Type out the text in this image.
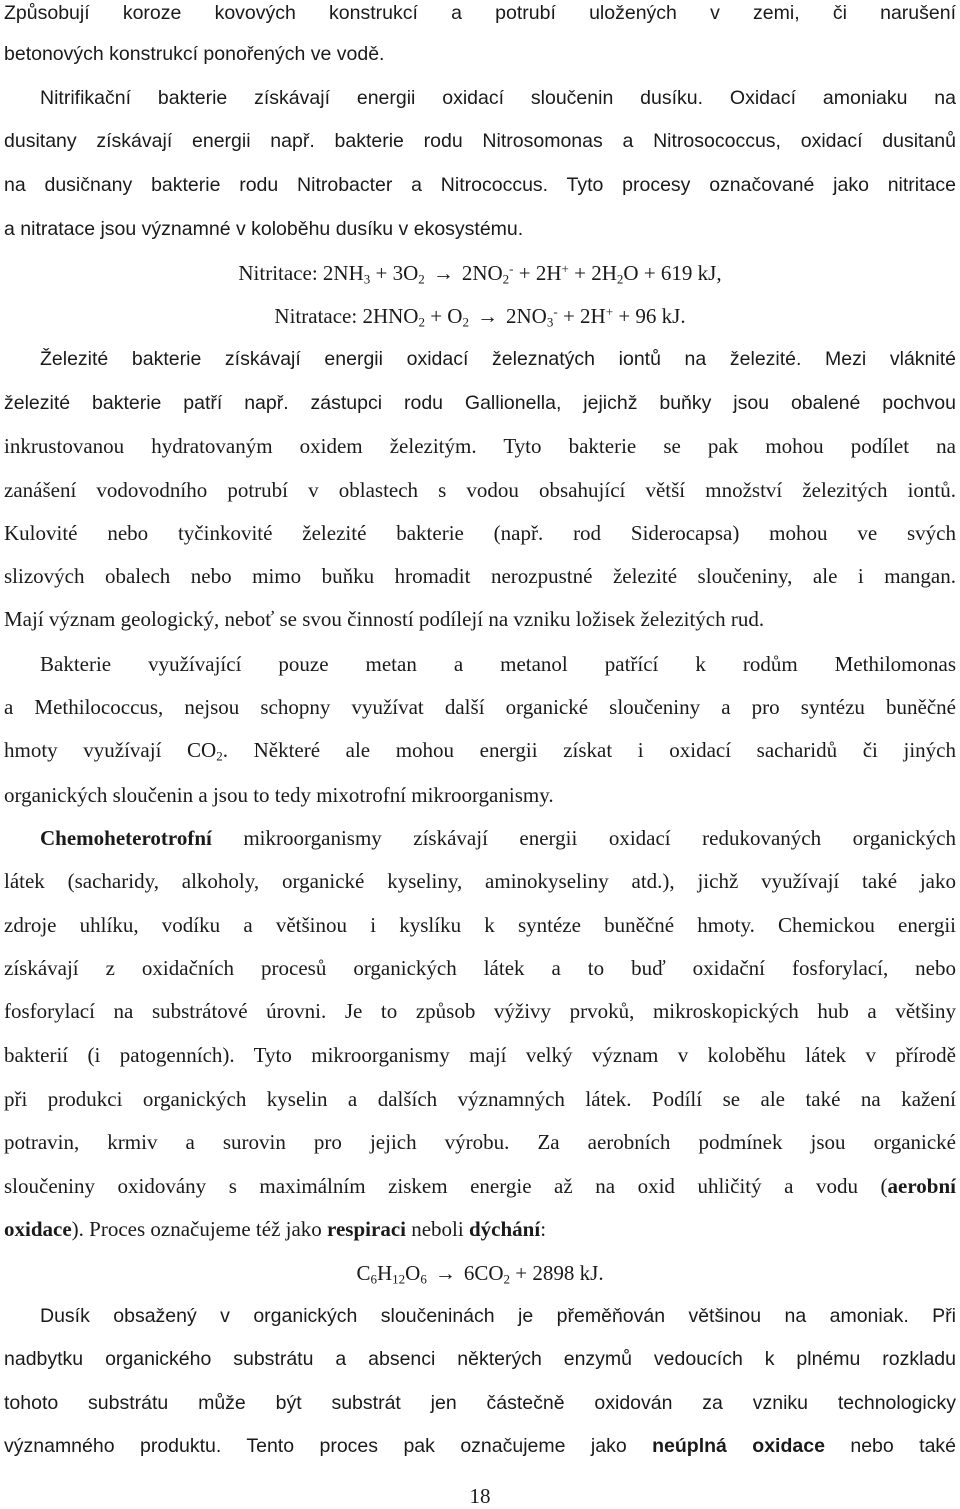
Způsobují koroze kovových konstrukcí a potrubí uložených v zemi, či narušení
betonových konstrukcí ponořených ve vodě.
Nitrifikační bakterie získávají energii oxidací sloučenin dusíku. Oxidací amoniaku na
dusitany získávají energii např. bakterie rodu Nitrosomonas a Nitrosococcus, oxidací dusitanů
na dusičnany bakterie rodu Nitrobacter a Nitrococcus. Tyto procesy označované jako nitritace
a nitratace jsou významné v koloběhu dusíku v ekosystému.
Nitritace: $2NH_3 + 3O_2 \to 2NO_2^- + 2H^+ + 2H_2O + 619$ kJ,
Nitratace: $2HNO_2 + O_2 \to 2NO_3^- + 2H^+ + 96$ kJ.
Železité bakterie získávají energii oxidací železnatých iontů na železité. Mezi vláknité
železité bakterie patří např. zástupci rodu Gallionella, jejichž buňky jsou obalené pochvou
inkrustovanou hydratovaným oxidem železitým. Tyto bakterie se pak mohou podílet na
zanášení vodovodního potrubí v oblastech s vodou obsahující větší množství železitých iontů.
Kulovité nebo tyčinkovité železité bakterie (např. rod Siderocapsa) mohou ve svých
slizových obalech nebo mimo buňku hromadit nerozpustné železité sloučeniny, ale i mangan.
Mají význam geologický, neboť se svou činností podílejí na vzniku ložisek železitých rud.
Bakterie využívající pouze metan a metanol patřící k rodům Methilomonas
a Methilococcus, nejsou schopny využívat další organické sloučeniny a pro syntézu buněčné
hmoty využívají $CO_2$. Některé ale mohou energii získat i oxidací sacharidů či jiných
organických sloučenin a jsou to tedy mixotrofní mikroorganismy.
Chemoheterotrofní mikroorganismy získávají energii oxidací redukovaných organických
látek (sacharidy, alkoholy, organické kyseliny, aminokyseliny atd.), jichž využívají také jako
zdroje uhlíku, vodíku a většinou i kyslíku k syntéze buněčné hmoty. Chemickou energii
získávají z oxidačních procesů organických látek a to buď oxidační fosforylací, nebo
fosforylací na substrátové úrovni. Je to způsob výživy prvoků, mikroskopických hub a většiny
bakterií (i patogenních). Tyto mikroorganismy mají velký význam v koloběhu látek v přírodě
při produkci organických kyselin a dalších významných látek. Podílí se ale také na kažení
potravin, krmiv a surovin pro jejich výrobu. Za aerobních podmínek jsou organické
sloučeniny oxidovány s maximálním ziskem energie až na oxid uhličitý a vodu (aerobní
oxidace). Proces označujeme též jako respiraci neboli dýchání:
$C_6H_{12}O_6 \to 6CO_2 + 2898$ kJ.
Dusík obsažený v organických sloučeninách je přeměňován většinou na amoniak. Při
nadbytku organického substrátu a absenci některých enzymů vedoucích k plnému rozkladu
tohoto substrátu může být substrát jen částečně oxidován za vzniku technologicky
významného produktu. Tento proces pak označujeme jako neúplná oxidace nebo také
18
